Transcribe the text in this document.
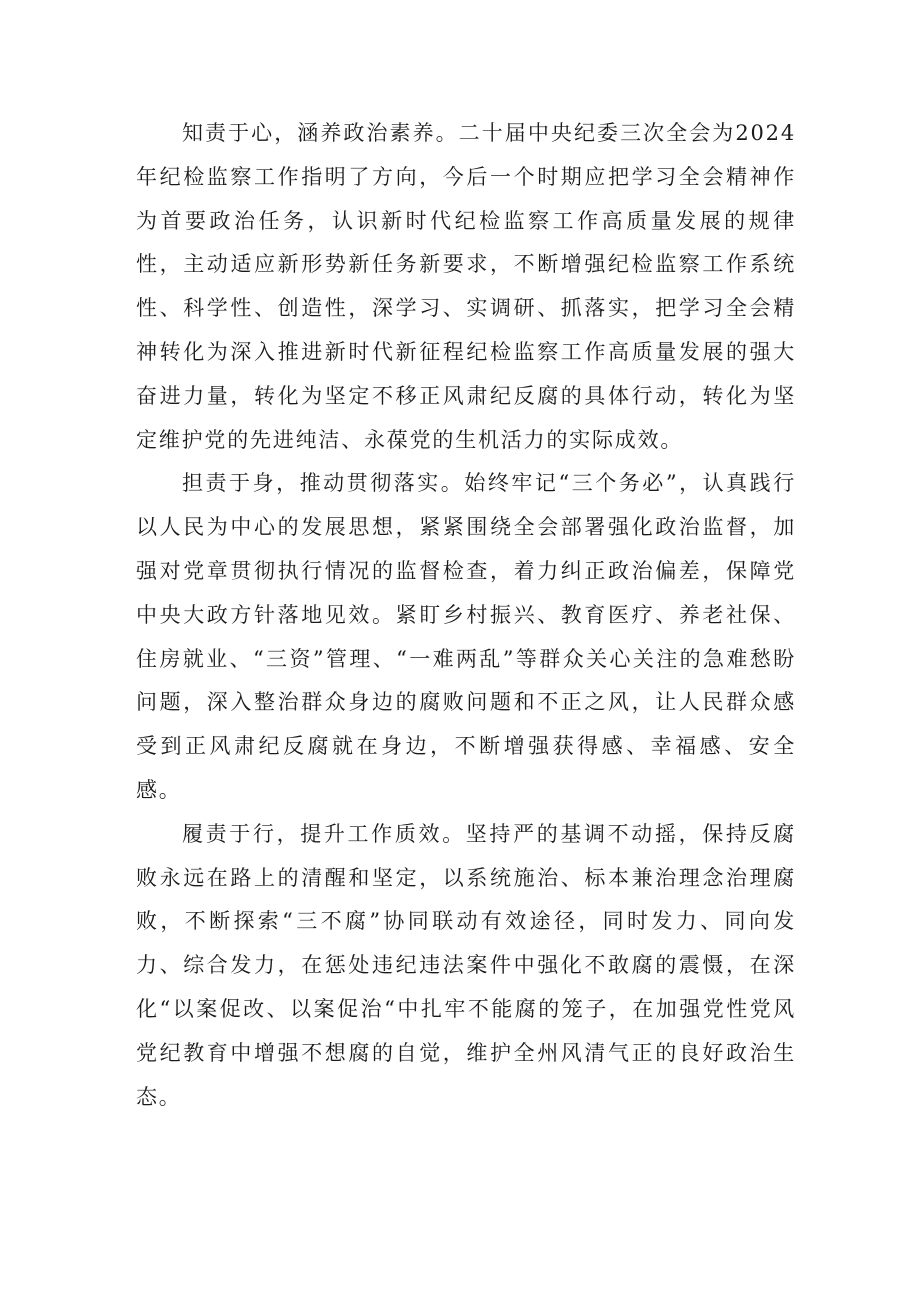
知责于心，涵养政治素养。二十届中央纪委三次全会为2024年纪检监察工作指明了方向，今后一个时期应把学习全会精神作为首要政治任务，认识新时代纪检监察工作高质量发展的规律性，主动适应新形势新任务新要求，不断增强纪检监察工作系统性、科学性、创造性，深学习、实调研、抓落实，把学习全会精神转化为深入推进新时代新征程纪检监察工作高质量发展的强大奋进力量，转化为坚定不移正风肃纪反腐的具体行动，转化为坚定维护党的先进纯洁、永葆党的生机活力的实际成效。

担责于身，推动贯彻落实。始终牢记“三个务必”，认真践行以人民为中心的发展思想，紧紧围绕全会部署强化政治监督，加强对党章贯彻执行情况的监督检查，着力纠正政治偏差，保障党中央大政方针落地见效。紧盯乡村振兴、教育医疗、养老社保、住房就业、“三资”管理、“一难两乱”等群众关心关注的急难愁盼问题，深入整治群众身边的腐败问题和不正之风，让人民群众感受到正风肃纪反腐就在身边，不断增强获得感、幸福感、安全感。

履责于行，提升工作质效。坚持严的基调不动摇，保持反腐败永远在路上的清醒和坚定，以系统施治、标本兼治理念治理腐败，不断探索“三不腐”协同联动有效途径，同时发力、同向发力、综合发力，在惩处违纪违法案件中强化不敢腐的震慑，在深化“以案促改、以案促治“中扎牢不能腐的笼子，在加强党性党风党纪教育中增强不想腐的自觉，维护全州风清气正的良好政治生态。
